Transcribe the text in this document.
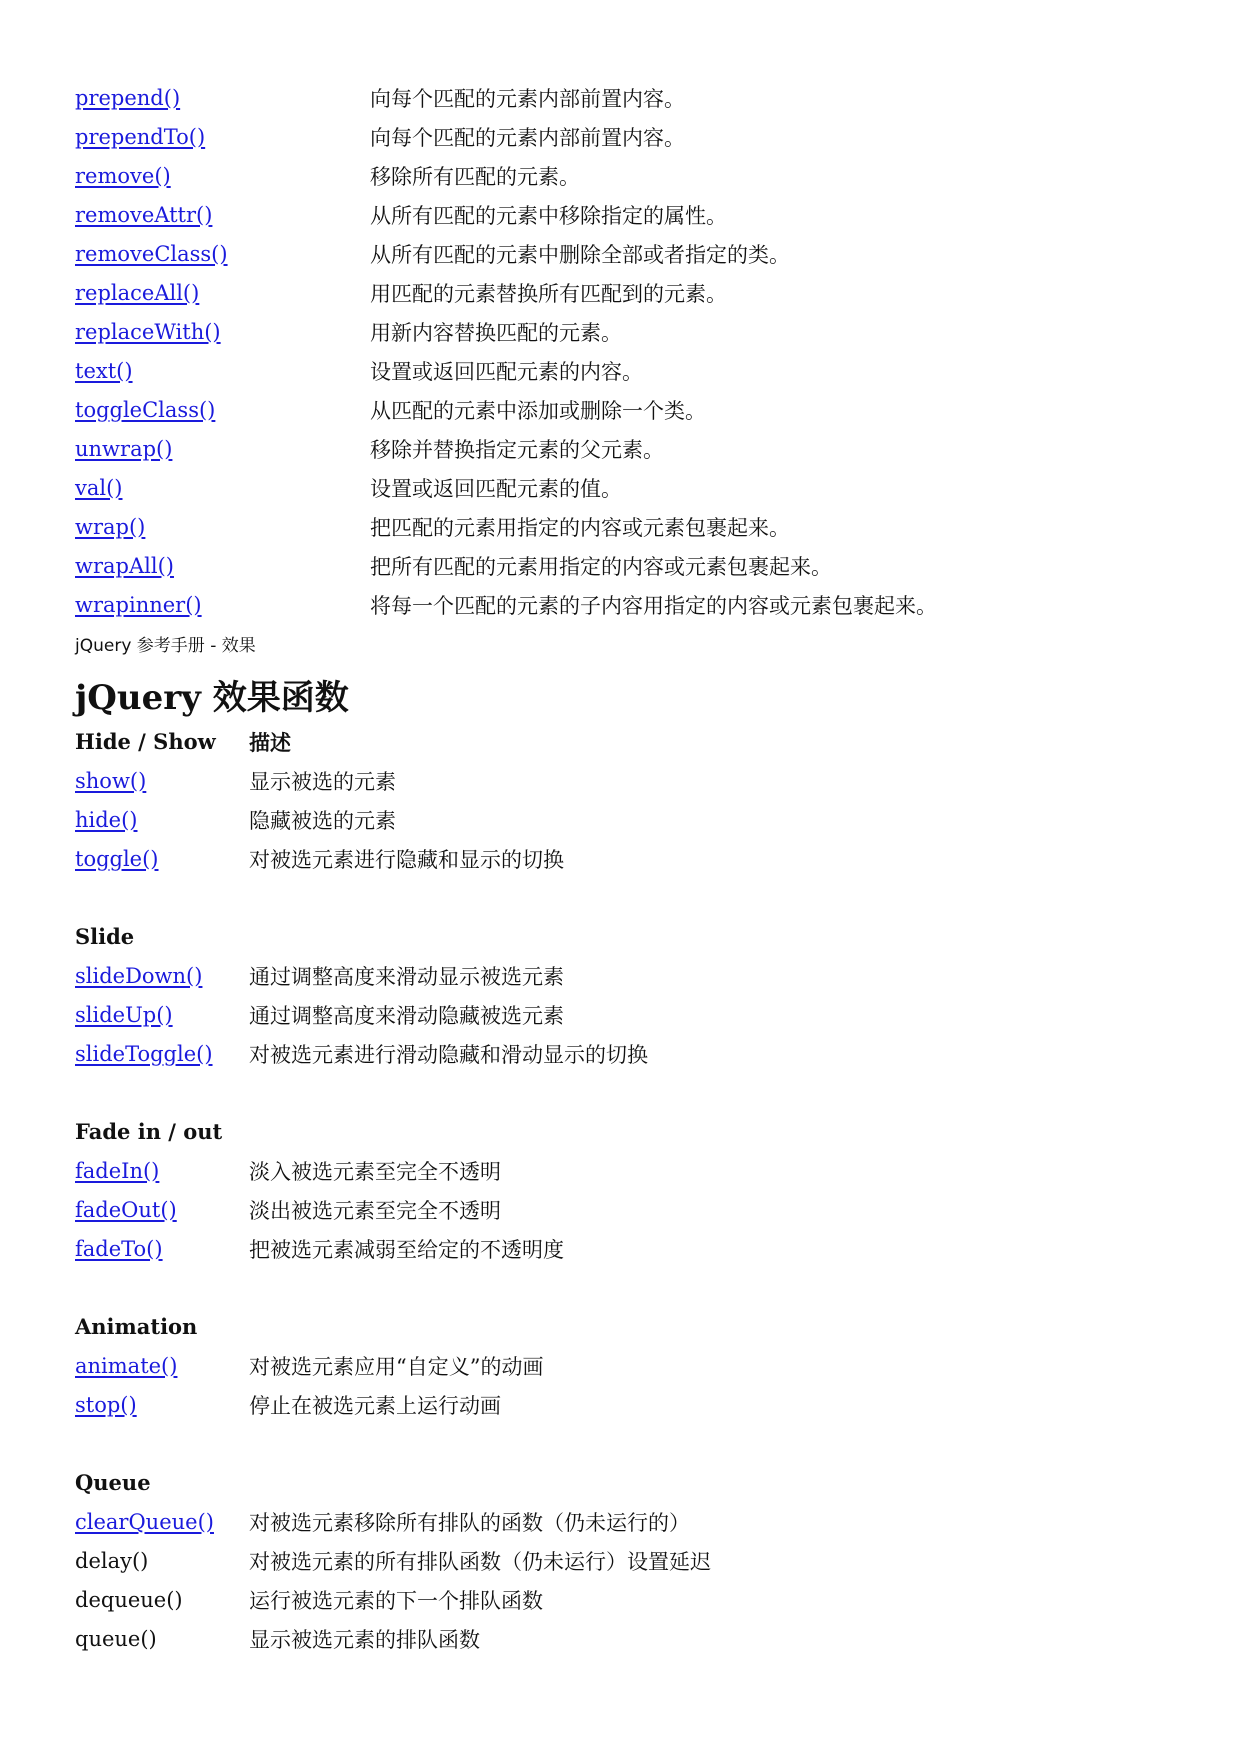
prepend()	向每个匹配的元素内部前置内容。
prependTo()	向每个匹配的元素内部前置内容。
remove()	移除所有匹配的元素。
removeAttr()	从所有匹配的元素中移除指定的属性。
removeClass()	从所有匹配的元素中删除全部或者指定的类。
replaceAll()	用匹配的元素替换所有匹配到的元素。
replaceWith()	用新内容替换匹配的元素。
text()	设置或返回匹配元素的内容。
toggleClass()	从匹配的元素中添加或删除一个类。
unwrap()	移除并替换指定元素的父元素。
val()	设置或返回匹配元素的值。
wrap()	把匹配的元素用指定的内容或元素包裹起来。
wrapAll()	把所有匹配的元素用指定的内容或元素包裹起来。
wrapinner()	将每一个匹配的元素的子内容用指定的内容或元素包裹起来。
jQuery 参考手册 - 效果
jQuery 效果函数
Hide / Show	描述
show()	显示被选的元素
hide()	隐藏被选的元素
toggle()	对被选元素进行隐藏和显示的切换
Slide
slideDown()	通过调整高度来滑动显示被选元素
slideUp()	通过调整高度来滑动隐藏被选元素
slideToggle()	对被选元素进行滑动隐藏和滑动显示的切换
Fade in / out
fadeIn()	淡入被选元素至完全不透明
fadeOut()	淡出被选元素至完全不透明
fadeTo()	把被选元素减弱至给定的不透明度
Animation
animate()	对被选元素应用“自定义”的动画
stop()	停止在被选元素上运行动画
Queue
clearQueue()	对被选元素移除所有排队的函数（仍未运行的）
delay()	对被选元素的所有排队函数（仍未运行）设置延迟
dequeue()	运行被选元素的下一个排队函数
queue()	显示被选元素的排队函数
